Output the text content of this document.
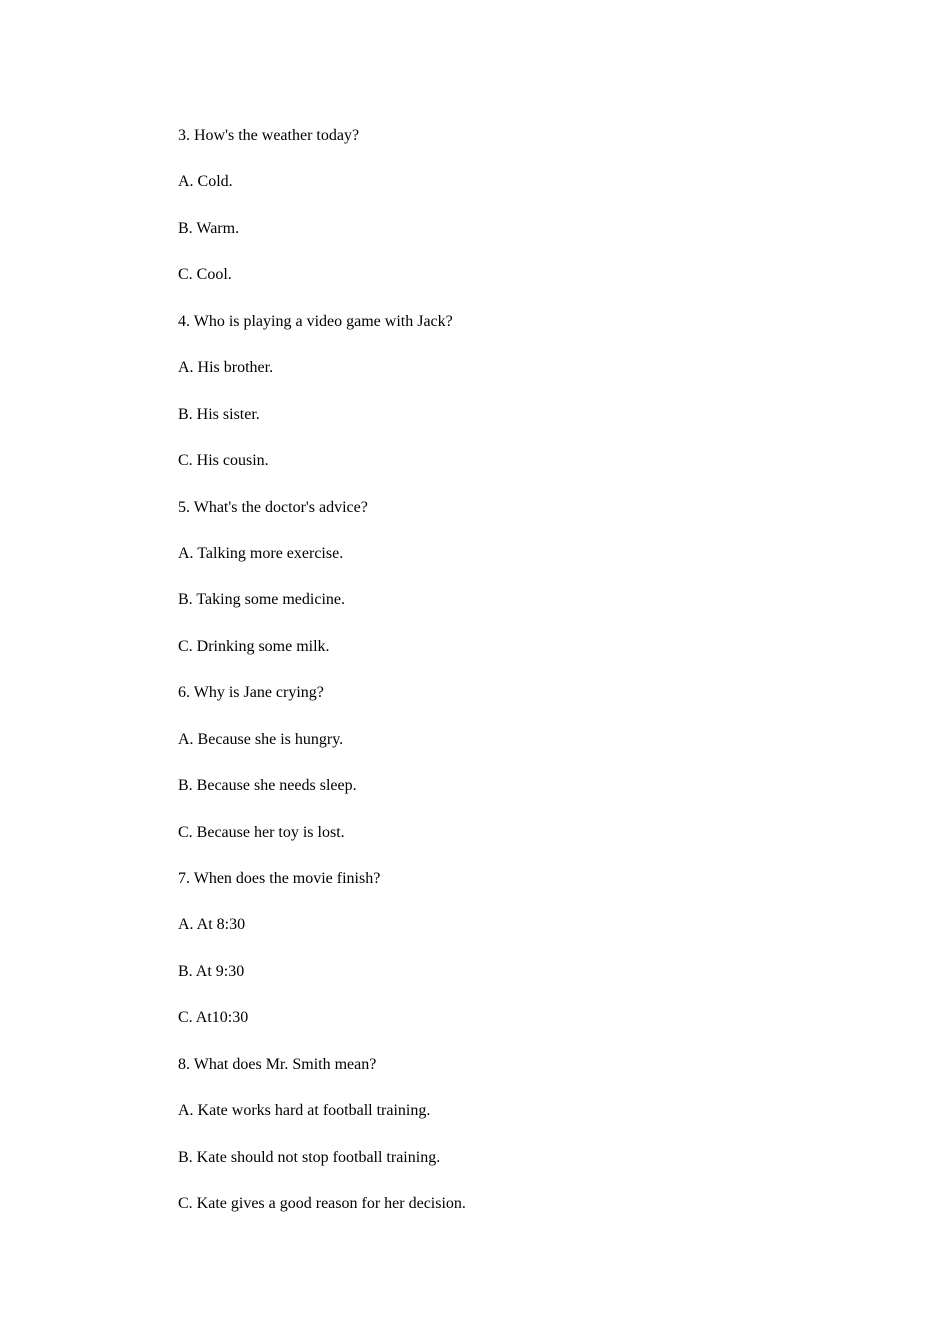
3. How's the weather today?
A. Cold.
B. Warm.
C. Cool.
4. Who is playing a video game with Jack?
A. His brother.
B. His sister.
C. His cousin.
5. What's the doctor's advice?
A. Talking more exercise.
B. Taking some medicine.
C. Drinking some milk.
6. Why is Jane crying?
A. Because she is hungry.
B. Because she needs sleep.
C. Because her toy is lost.
7. When does the movie finish?
A. At 8:30
B. At 9:30
C. At10:30
8. What does Mr. Smith mean?
A. Kate works hard at football training.
B. Kate should not stop football training.
C. Kate gives a good reason for her decision.
